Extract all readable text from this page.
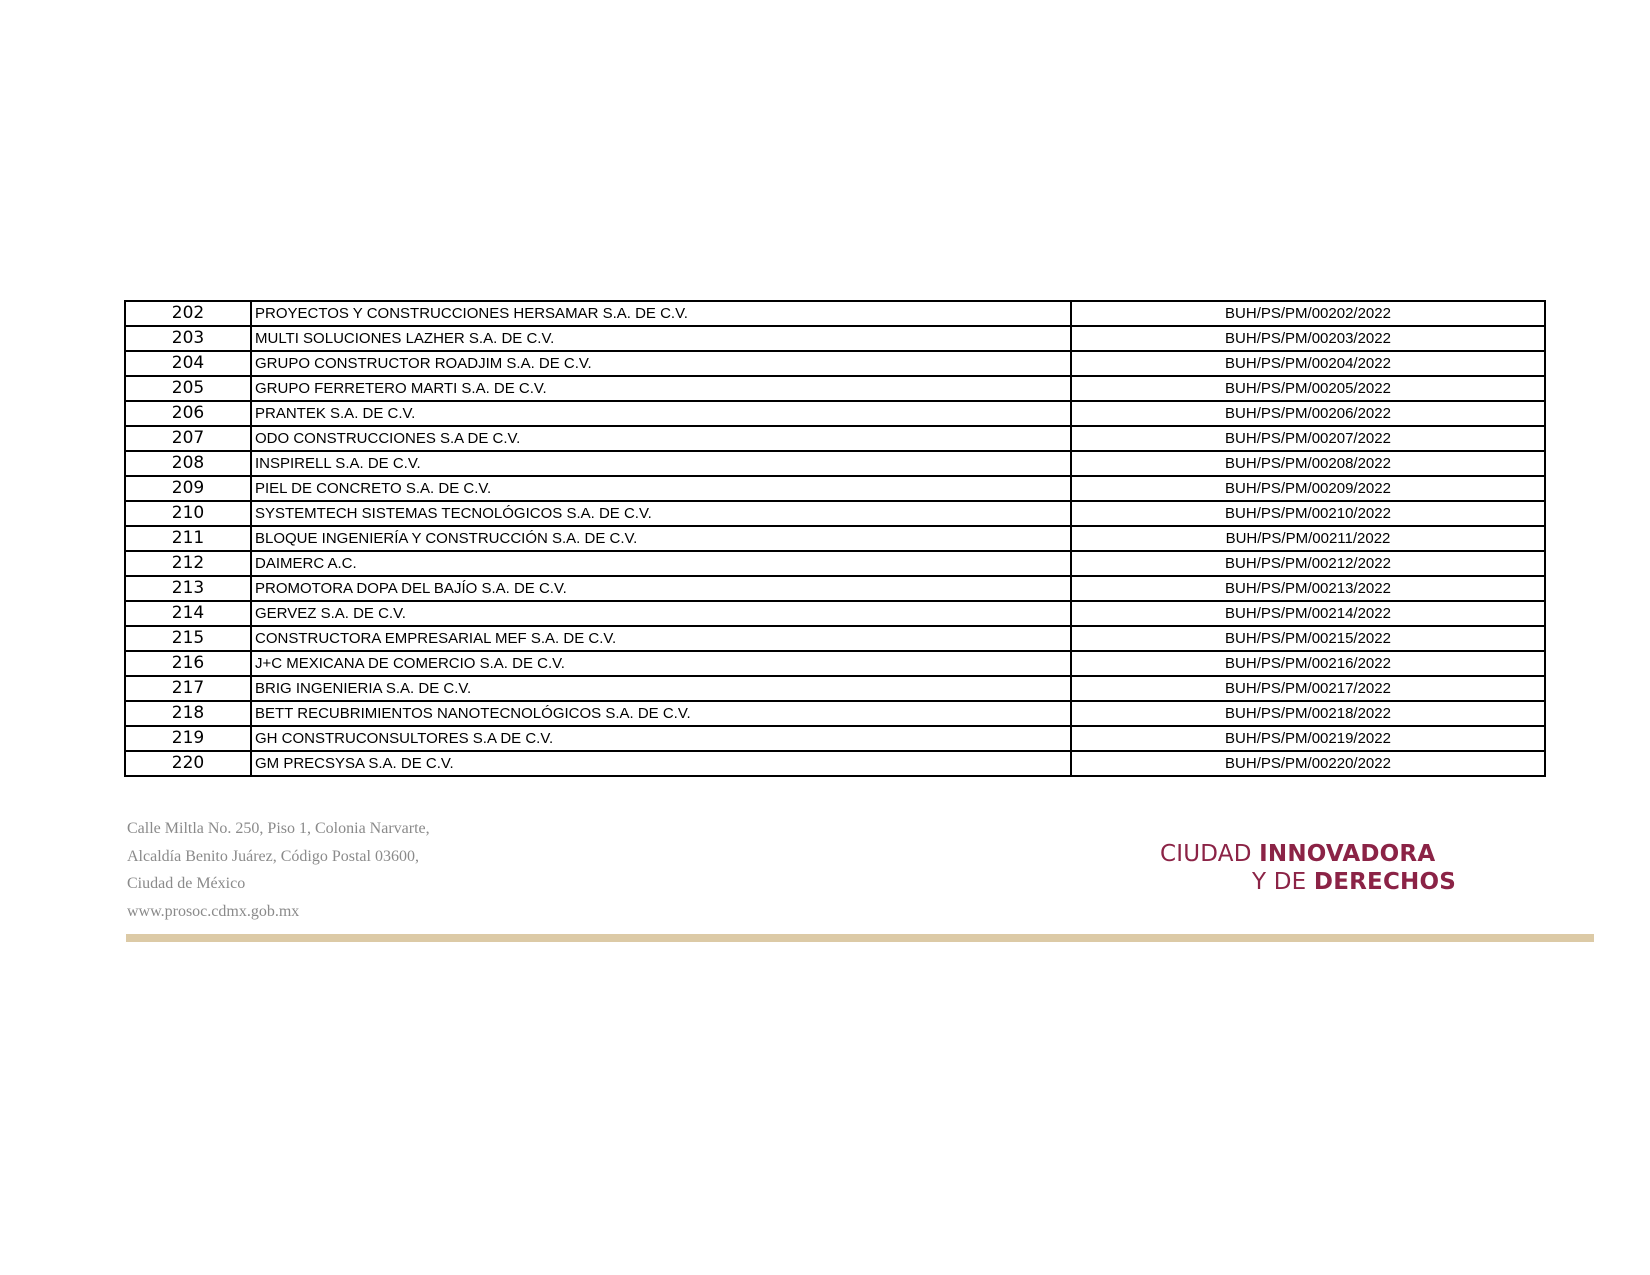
202	PROYECTOS Y CONSTRUCCIONES HERSAMAR S.A. DE C.V.	BUH/PS/PM/00202/2022
203	MULTI SOLUCIONES LAZHER S.A. DE C.V.	BUH/PS/PM/00203/2022
204	GRUPO CONSTRUCTOR ROADJIM S.A. DE C.V.	BUH/PS/PM/00204/2022
205	GRUPO FERRETERO MARTI S.A. DE C.V.	BUH/PS/PM/00205/2022
206	PRANTEK S.A. DE C.V.	BUH/PS/PM/00206/2022
207	ODO CONSTRUCCIONES S.A DE C.V.	BUH/PS/PM/00207/2022
208	INSPIRELL S.A. DE C.V.	BUH/PS/PM/00208/2022
209	PIEL DE CONCRETO S.A. DE C.V.	BUH/PS/PM/00209/2022
210	SYSTEMTECH SISTEMAS TECNOLÓGICOS S.A. DE C.V.	BUH/PS/PM/00210/2022
211	BLOQUE INGENIERÍA Y CONSTRUCCIÓN S.A. DE C.V.	BUH/PS/PM/00211/2022
212	DAIMERC A.C.	BUH/PS/PM/00212/2022
213	PROMOTORA DOPA DEL BAJÍO S.A. DE C.V.	BUH/PS/PM/00213/2022
214	GERVEZ S.A. DE C.V.	BUH/PS/PM/00214/2022
215	CONSTRUCTORA EMPRESARIAL MEF S.A. DE C.V.	BUH/PS/PM/00215/2022
216	J+C MEXICANA DE COMERCIO S.A. DE C.V.	BUH/PS/PM/00216/2022
217	BRIG INGENIERIA S.A. DE C.V.	BUH/PS/PM/00217/2022
218	BETT RECUBRIMIENTOS NANOTECNOLÓGICOS S.A. DE C.V.	BUH/PS/PM/00218/2022
219	GH CONSTRUCONSULTORES S.A DE C.V.	BUH/PS/PM/00219/2022
220	GM PRECSYSA S.A. DE C.V.	BUH/PS/PM/00220/2022
Calle Miltla No. 250, Piso 1, Colonia Narvarte,
Alcaldía Benito Juárez, Código Postal 03600,
Ciudad de México
www.prosoc.cdmx.gob.mx
CIUDAD INNOVADORA
Y DE DERECHOS
